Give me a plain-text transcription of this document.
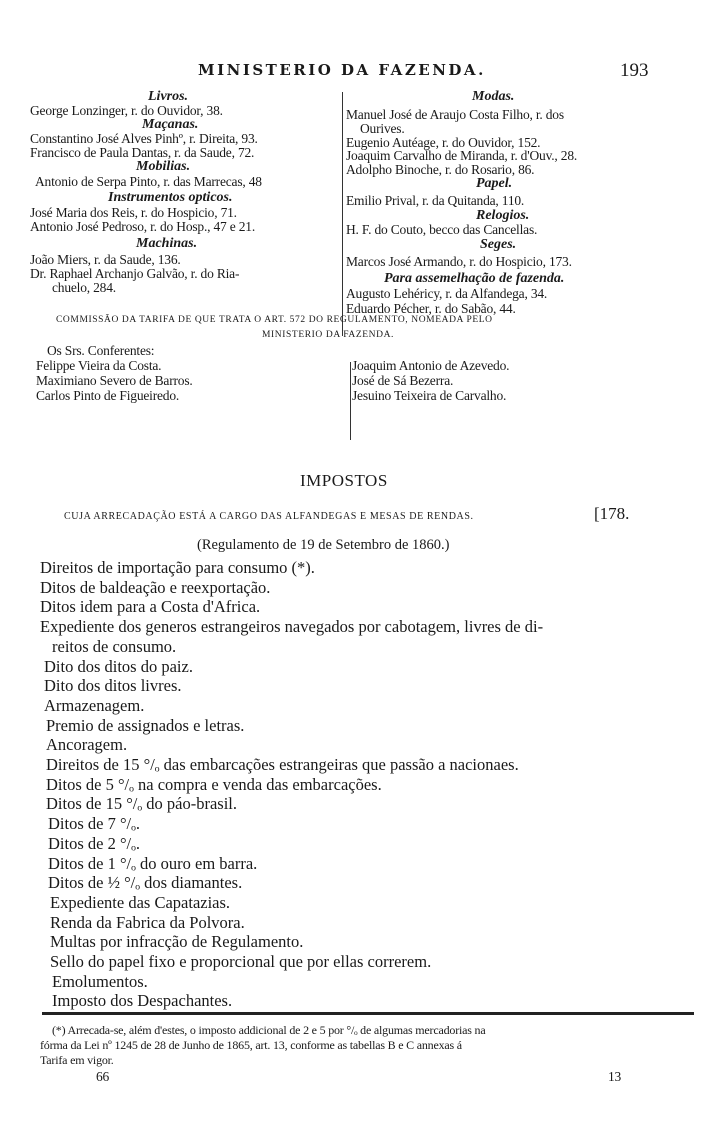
MINISTERIO DA FAZENDA.	193
Livros.
George Lonzinger, r. do Ouvidor, 38.
Maçanas.
Constantino José Alves Pinhº, r. Direita, 93.
Francisco de Paula Dantas, r. da Saude, 72.
Mobilias.
Antonio de Serpa Pinto, r. das Marrecas, 48
Instrumentos opticos.
José Maria dos Reis, r. do Hospicio, 71.
Antonio José Pedroso, r. do Hosp., 47 e 21.
Machinas.
João Miers, r. da Saude, 136.
Dr. Raphael Archanjo Galvão, r. do Ria-
chuelo, 284.
Modas.
Manuel José de Araujo Costa Filho, r. dos
Ourives.
Eugenio Autéage, r. do Ouvidor, 152.
Joaquim Carvalho de Miranda, r. d'Ouv., 28.
Adolpho Binoche, r. do Rosario, 86.
Papel.
Emilio Prival, r. da Quitanda, 110.
Relogios.
H. F. do Couto, becco das Cancellas.
Seges.
Marcos José Armando, r. do Hospicio, 173.
Para assemelhação de fazenda.
Augusto Lehéricy, r. da Alfandega, 34.
Eduardo Pécher, r. do Sabão, 44.
COMMISSÃO DA TARIFA DE QUE TRATA O ART. 572 DO REGULAMENTO, NOMEADA PELO
MINISTERIO DA FAZENDA.
Os Srs. Conferentes:
Felippe Vieira da Costa.
Maximiano Severo de Barros.
Carlos Pinto de Figueiredo.
Joaquim Antonio de Azevedo.
José de Sá Bezerra.
Jesuino Teixeira de Carvalho.
IMPOSTOS
CUJA ARRECADAÇÃO ESTÁ A CARGO DAS ALFANDEGAS E MESAS DE RENDAS.	[178.
(Regulamento de 19 de Setembro de 1860.)
Direitos de importação para consumo (*).
Ditos de baldeação e reexportação.
Ditos idem para a Costa d'Africa.
Expediente dos generos estrangeiros navegados por cabotagem, livres de di-
reitos de consumo.
Dito dos ditos do paiz.
Dito dos ditos livres.
Armazenagem.
Premio de assignados e letras.
Ancoragem.
Direitos de 15 °/ₒ das embarcações estrangeiras que passão a nacionaes.
Ditos de 5 °/ₒ na compra e venda das embarcações.
Ditos de 15 °/ₒ do páo-brasil.
Ditos de 7 °/ₒ.
Ditos de 2 °/ₒ.
Ditos de 1 °/ₒ do ouro em barra.
Ditos de ½ °/ₒ dos diamantes.
Expediente das Capatazias.
Renda da Fabrica da Polvora.
Multas por infracção de Regulamento.
Sello do papel fixo e proporcional que por ellas correrem.
Emolumentos.
Imposto dos Despachantes.
(*) Arrecada-se, além d'estes, o imposto addicional de 2 e 5 por °/ₒ de algumas mercadorias na
fórma da Lei nº 1245 de 28 de Junho de 1865, art. 13, conforme as tabellas B e C annexas á
Tarifa em vigor.
66	13
